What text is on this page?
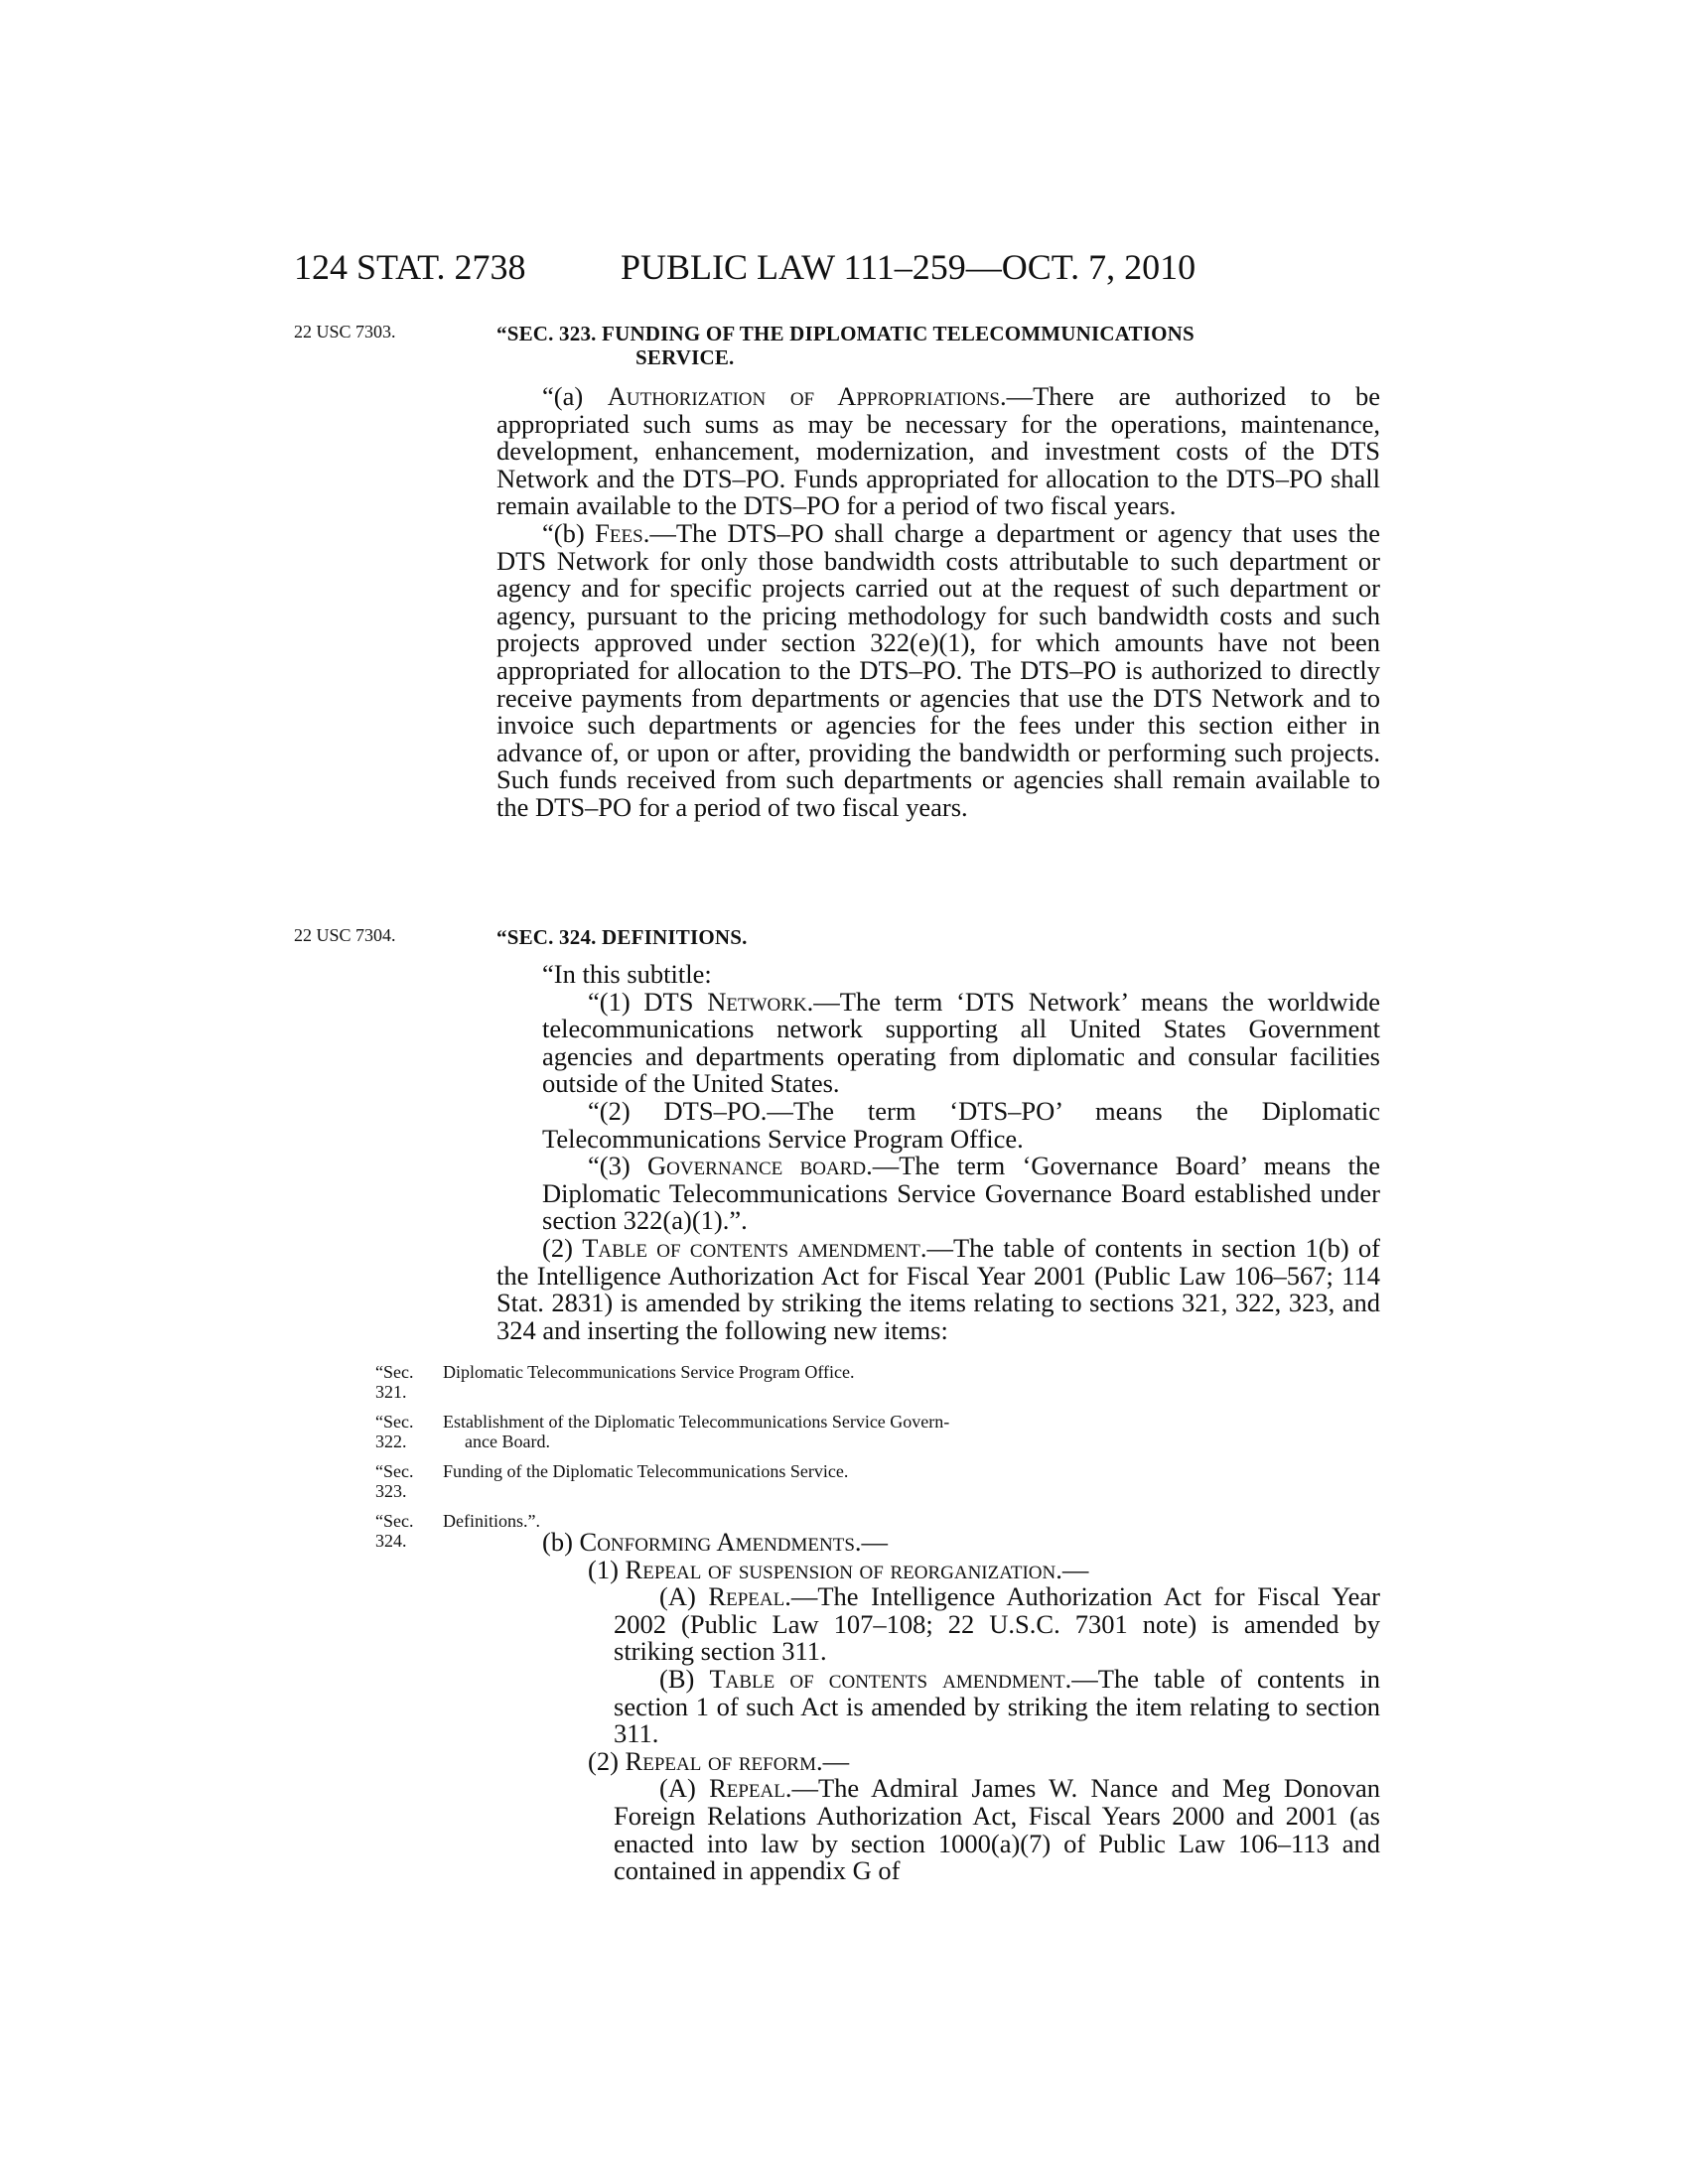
124 STAT. 2738	PUBLIC LAW 111–259—OCT. 7, 2010
22 USC 7303.
22 USC 7304.
“SEC. 323. FUNDING OF THE DIPLOMATIC TELECOMMUNICATIONS
SERVICE.

“(a) Authorization of Appropriations.—There are authorized to be appropriated such sums as may be necessary for the operations, maintenance, development, enhancement, modernization, and investment costs of the DTS Network and the DTS–PO. Funds appropriated for allocation to the DTS–PO shall remain available to the DTS–PO for a period of two fiscal years.

“(b) Fees.—The DTS–PO shall charge a department or agency that uses the DTS Network for only those bandwidth costs attributable to such department or agency and for specific projects carried out at the request of such department or agency, pursuant to the pricing methodology for such bandwidth costs and such projects approved under section 322(e)(1), for which amounts have not been appropriated for allocation to the DTS–PO. The DTS–PO is authorized to directly receive payments from departments or agencies that use the DTS Network and to invoice such departments or agencies for the fees under this section either in advance of, or upon or after, providing the bandwidth or performing such projects. Such funds received from such departments or agencies shall remain available to the DTS–PO for a period of two fiscal years.

“SEC. 324. DEFINITIONS.

“In this subtitle:

“(1) DTS Network.—The term ‘DTS Network’ means the worldwide telecommunications network supporting all United States Government agencies and departments operating from diplomatic and consular facilities outside of the United States.

“(2) DTS–PO.—The term ‘DTS–PO’ means the Diplomatic Telecommunications Service Program Office.

“(3) Governance board.—The term ‘Governance Board’ means the Diplomatic Telecommunications Service Governance Board established under section 322(a)(1).”.

(2) Table of contents amendment.—The table of contents in section 1(b) of the Intelligence Authorization Act for Fiscal Year 2001 (Public Law 106–567; 114 Stat. 2831) is amended by striking the items relating to sections 321, 322, 323, and 324 and inserting the following new items:

“Sec. 321.
Diplomatic Telecommunications Service Program Office.
“Sec. 322.
Establishment of the Diplomatic Telecommunications Service Govern-
ance Board.
“Sec. 323.
Funding of the Diplomatic Telecommunications Service.
“Sec. 324.
Definitions.”.

(b) Conforming Amendments.—

(1) Repeal of suspension of reorganization.—

(A) Repeal.—The Intelligence Authorization Act for Fiscal Year 2002 (Public Law 107–108; 22 U.S.C. 7301 note) is amended by striking section 311.

(B) Table of contents amendment.—The table of contents in section 1 of such Act is amended by striking the item relating to section 311.

(2) Repeal of reform.—

(A) Repeal.—The Admiral James W. Nance and Meg Donovan Foreign Relations Authorization Act, Fiscal Years 2000 and 2001 (as enacted into law by section 1000(a)(7) of Public Law 106–113 and contained in appendix G of
